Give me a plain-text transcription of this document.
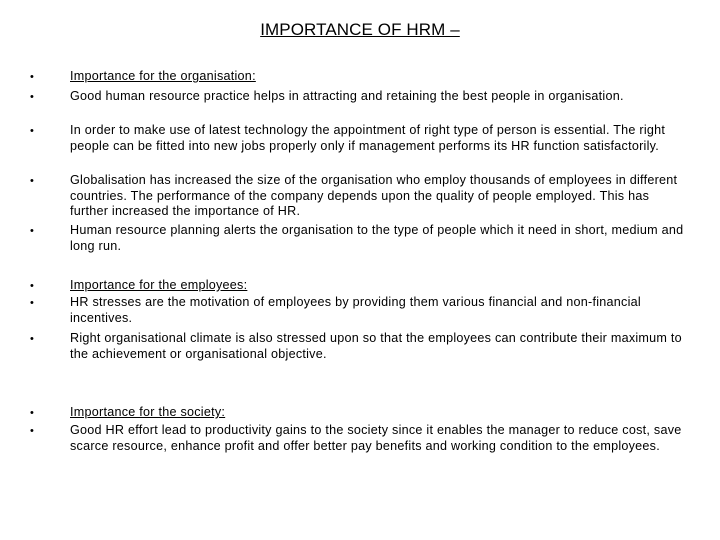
IMPORTANCE OF HRM –
•	Importance for the organisation:
•	Good human resource practice helps in attracting and retaining the best people in organisation.
•	In order to make use of latest technology the appointment of right type of person is essential. The right people can be fitted into new jobs properly only if management performs its HR function satisfactorily.
•	Globalisation has increased the size of the organisation who employ thousands of employees in different countries. The performance of the company depends upon the quality of people employed. This has further increased the importance of HR.
•	Human resource planning alerts the organisation to the type of people which it need in short, medium and long run.
•	Importance for the employees:
•	HR stresses are the motivation of employees by providing them various financial and non-financial incentives.
•	Right organisational climate is also stressed upon so that the employees can contribute their maximum to the achievement or organisational objective.
•	Importance for the society:
•	Good HR effort lead to productivity gains to the society since it enables the manager to reduce cost, save scarce resource, enhance profit and offer better pay benefits and working condition to the employees.
